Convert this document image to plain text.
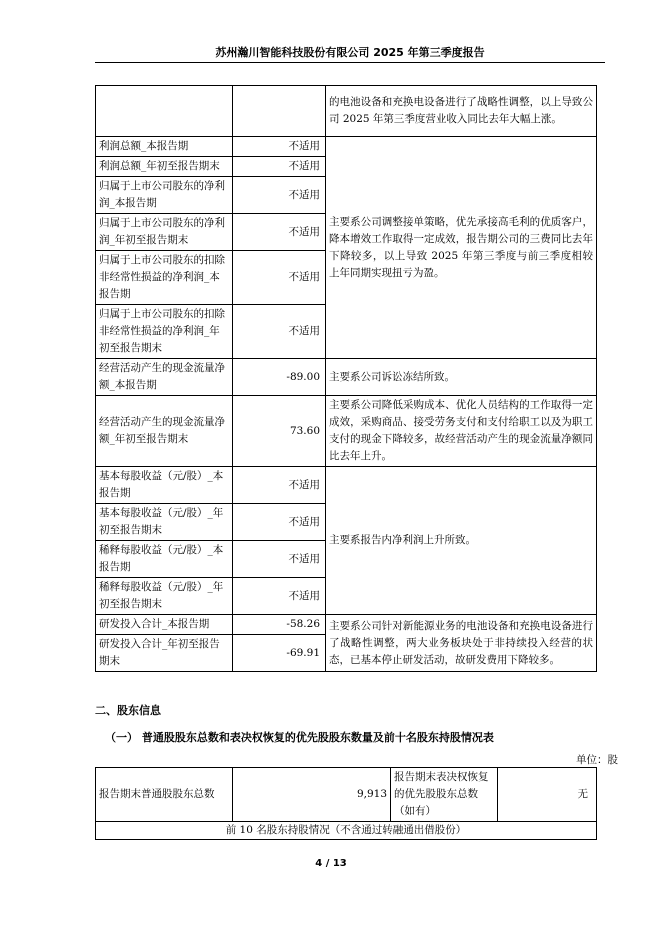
苏州瀚川智能科技股份有限公司 2025 年第三季度报告
		的电池设备和充换电设备进行了战略性调整，以上导致公司 2025 年第三季度营业收入同比去年大幅上涨。
利润总额_本报告期	不适用	主要系公司调整接单策略，优先承接高毛利的优质客户，降本增效工作取得一定成效，报告期公司的三费同比去年下降较多，以上导致 2025 年第三季度与前三季度相较上年同期实现扭亏为盈。
利润总额_年初至报告期末	不适用	
归属于上市公司股东的净利润_本报告期	不适用	
归属于上市公司股东的净利润_年初至报告期末	不适用	
归属于上市公司股东的扣除非经常性损益的净利润_本报告期	不适用	
归属于上市公司股东的扣除非经常性损益的净利润_年初至报告期末	不适用	
经营活动产生的现金流量净额_本报告期	-89.00	主要系公司诉讼冻结所致。
经营活动产生的现金流量净额_年初至报告期末	73.60	主要系公司降低采购成本、优化人员结构的工作取得一定成效，采购商品、接受劳务支付和支付给职工以及为职工支付的现金下降较多，故经营活动产生的现金流量净额同比去年上升。
基本每股收益（元/股）_本报告期	不适用	主要系报告内净利润上升所致。
基本每股收益（元/股）_年初至报告期末	不适用	
稀释每股收益（元/股）_本报告期	不适用	
稀释每股收益（元/股）_年初至报告期末	不适用	
研发投入合计_本报告期	-58.26	主要系公司针对新能源业务的电池设备和充换电设备进行了战略性调整，两大业务板块处于非持续投入经营的状态，已基本停止研发活动，故研发费用下降较多。
研发投入合计_年初至报告期末	-69.91	
二、股东信息
（一） 普通股股东总数和表决权恢复的优先股股东数量及前十名股东持股情况表
单位：股
报告期末普通股股东总数	9,913	报告期末表决权恢复的优先股股东总数（如有）	无
前 10 名股东持股情况（不含通过转融通出借股份）
4 / 13
